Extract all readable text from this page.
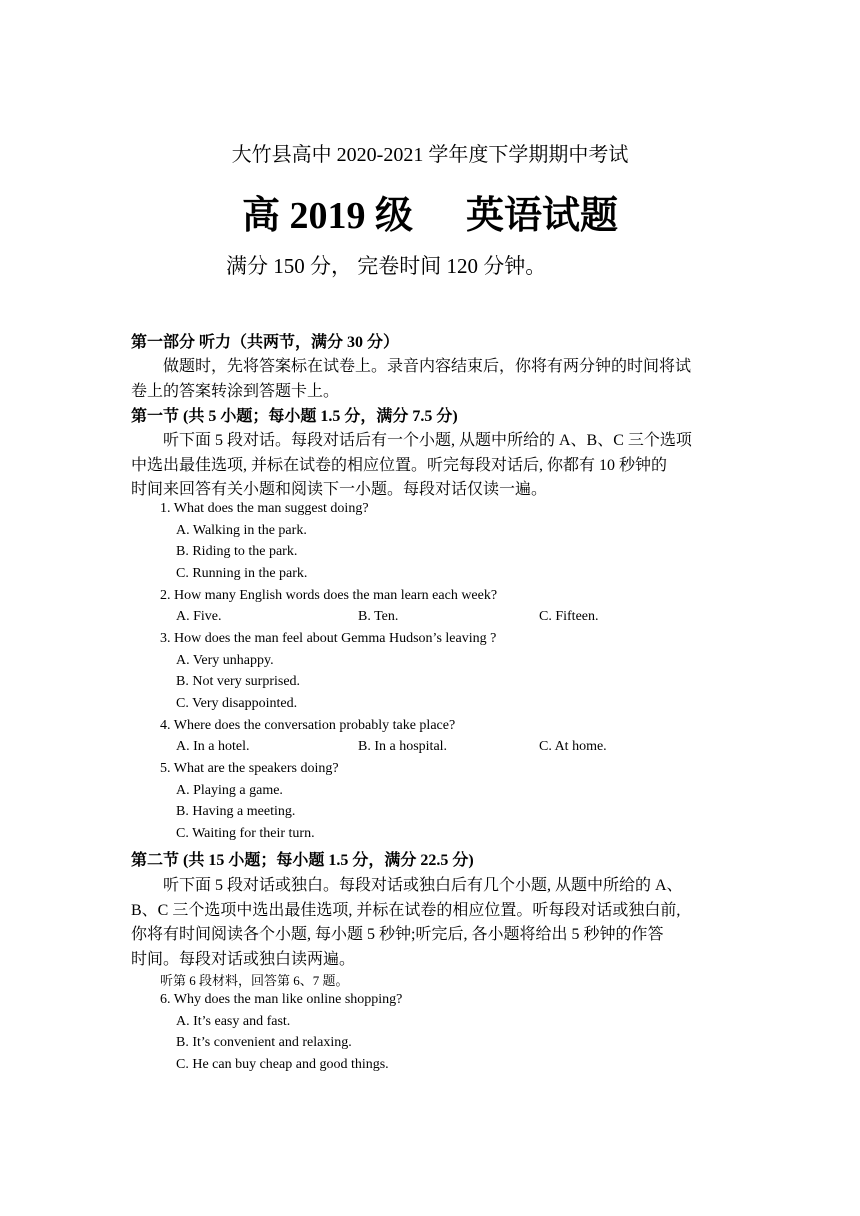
大竹县高中 2020-2021 学年度下学期期中考试
高 2019 级 英语试题
满分 150 分， 完卷时间 120 分钟。
第一部分 听力（共两节，满分 30 分）
做题时，先将答案标在试卷上。录音内容结束后，你将有两分钟的时间将试
卷上的答案转涂到答题卡上。
第一节 (共 5 小题；每小题 1.5 分，满分 7.5 分)
听下面 5 段对话。每段对话后有一个小题, 从题中所给的 A、B、C 三个选项
中选出最佳选项, 并标在试卷的相应位置。听完每段对话后, 你都有 10 秒钟的
时间来回答有关小题和阅读下一小题。每段对话仅读一遍。
1. What does the man suggest doing?
A. Walking in the park.
B. Riding to the park.
C. Running in the park.
2. How many English words does the man learn each week?
A. Five.	B. Ten.	C. Fifteen.
3. How does the man feel about Gemma Hudson’s leaving ?
A. Very unhappy.
B. Not very surprised.
C. Very disappointed.
4. Where does the conversation probably take place?
A. In a hotel.	B. In a hospital.	C. At home.
5. What are the speakers doing?
A. Playing a game.
B. Having a meeting.
C. Waiting for their turn.
第二节 (共 15 小题；每小题 1.5 分，满分 22.5 分)
听下面 5 段对话或独白。每段对话或独白后有几个小题, 从题中所给的 A、
B、C 三个选项中选出最佳选项, 并标在试卷的相应位置。听每段对话或独白前,
你将有时间阅读各个小题, 每小题 5 秒钟;听完后, 各小题将给出 5 秒钟的作答
时间。每段对话或独白读两遍。
听第 6 段材料，回答第 6、7 题。
6. Why does the man like online shopping?
A. It’s easy and fast.
B. It’s convenient and relaxing.
C. He can buy cheap and good things.
